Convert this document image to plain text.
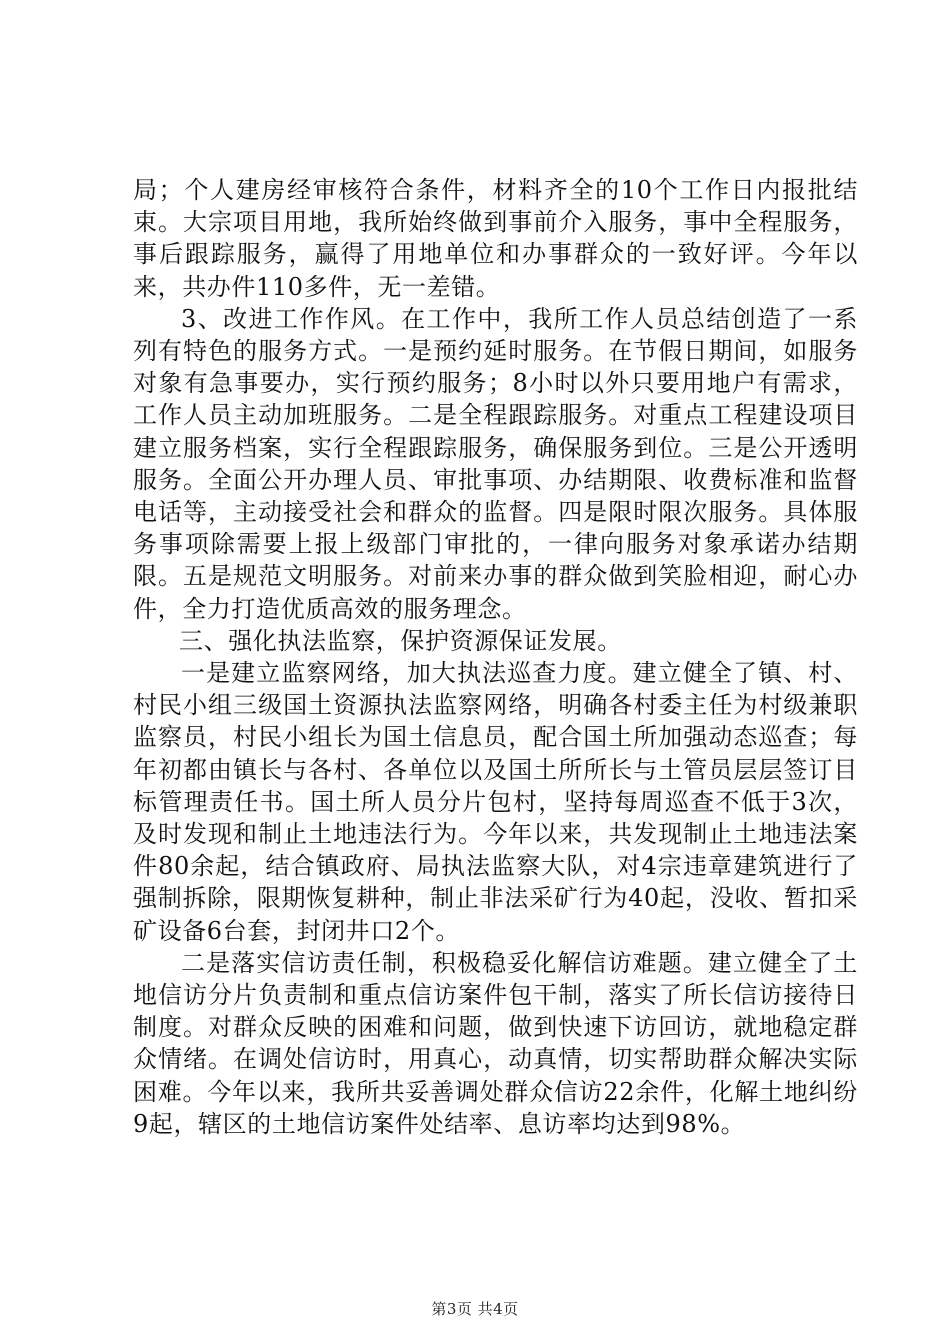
局；个人建房经审核符合条件，材料齐全的10个工作日内报批结束。大宗项目用地，我所始终做到事前介入服务，事中全程服务，事后跟踪服务，赢得了用地单位和办事群众的一致好评。今年以来，共办件110多件，无一差错。

3、改进工作作风。在工作中，我所工作人员总结创造了一系列有特色的服务方式。一是预约延时服务。在节假日期间，如服务对象有急事要办，实行预约服务；8小时以外只要用地户有需求，工作人员主动加班服务。二是全程跟踪服务。对重点工程建设项目建立服务档案，实行全程跟踪服务，确保服务到位。三是公开透明服务。全面公开办理人员、审批事项、办结期限、收费标准和监督电话等，主动接受社会和群众的监督。四是限时限次服务。具体服务事项除需要上报上级部门审批的，一律向服务对象承诺办结期限。五是规范文明服务。对前来办事的群众做到笑脸相迎，耐心办件，全力打造优质高效的服务理念。

三、强化执法监察，保护资源保证发展。

一是建立监察网络，加大执法巡查力度。建立健全了镇、村、村民小组三级国土资源执法监察网络，明确各村委主任为村级兼职监察员，村民小组长为国土信息员，配合国土所加强动态巡查；每年初都由镇长与各村、各单位以及国土所所长与土管员层层签订目标管理责任书。国土所人员分片包村，坚持每周巡查不低于3次，及时发现和制止土地违法行为。今年以来，共发现制止土地违法案件80余起，结合镇政府、局执法监察大队，对4宗违章建筑进行了强制拆除，限期恢复耕种，制止非法采矿行为40起，没收、暂扣采矿设备6台套，封闭井口2个。

二是落实信访责任制，积极稳妥化解信访难题。建立健全了土地信访分片负责制和重点信访案件包干制，落实了所长信访接待日制度。对群众反映的困难和问题，做到快速下访回访，就地稳定群众情绪。在调处信访时，用真心，动真情，切实帮助群众解决实际困难。今年以来，我所共妥善调处群众信访22余件，化解土地纠纷9起，辖区的土地信访案件处结率、息访率均达到98%。

第3页 共4页
